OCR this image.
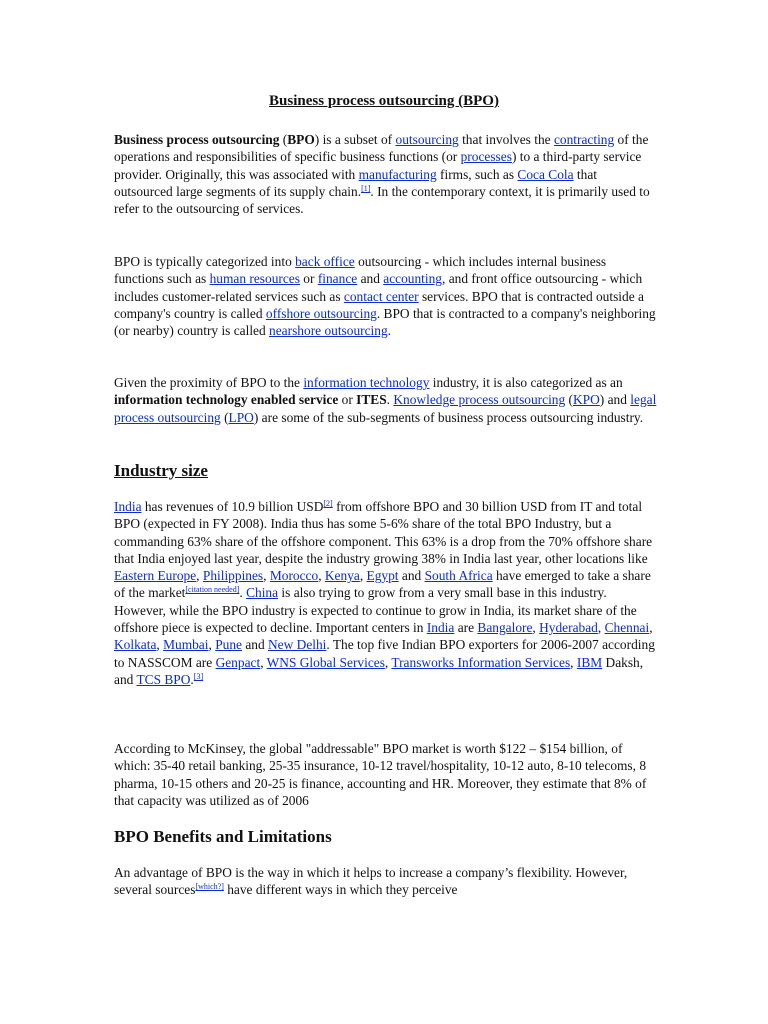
Business process outsourcing (BPO)
Business process outsourcing (BPO) is a subset of outsourcing that involves the contracting of the operations and responsibilities of specific business functions (or processes) to a third-party service provider. Originally, this was associated with manufacturing firms, such as Coca Cola that outsourced large segments of its supply chain.[1]. In the contemporary context, it is primarily used to refer to the outsourcing of services.
BPO is typically categorized into back office outsourcing - which includes internal business functions such as human resources or finance and accounting, and front office outsourcing - which includes customer-related services such as contact center services. BPO that is contracted outside a company's country is called offshore outsourcing. BPO that is contracted to a company's neighboring (or nearby) country is called nearshore outsourcing.
Given the proximity of BPO to the information technology industry, it is also categorized as an information technology enabled service or ITES. Knowledge process outsourcing (KPO) and legal process outsourcing (LPO) are some of the sub-segments of business process outsourcing industry.
Industry size
India has revenues of 10.9 billion USD[2] from offshore BPO and 30 billion USD from IT and total BPO (expected in FY 2008). India thus has some 5-6% share of the total BPO Industry, but a commanding 63% share of the offshore component. This 63% is a drop from the 70% offshore share that India enjoyed last year, despite the industry growing 38% in India last year, other locations like Eastern Europe, Philippines, Morocco, Kenya, Egypt and South Africa have emerged to take a share of the market[citation needed]. China is also trying to grow from a very small base in this industry. However, while the BPO industry is expected to continue to grow in India, its market share of the offshore piece is expected to decline. Important centers in India are Bangalore, Hyderabad, Chennai, Kolkata, Mumbai, Pune and New Delhi. The top five Indian BPO exporters for 2006-2007 according to NASSCOM are Genpact, WNS Global Services, Transworks Information Services, IBM Daksh, and TCS BPO.[3]
According to McKinsey, the global "addressable" BPO market is worth $122 – $154 billion, of which: 35-40 retail banking, 25-35 insurance, 10-12 travel/hospitality, 10-12 auto, 8-10 telecoms, 8 pharma, 10-15 others and 20-25 is finance, accounting and HR. Moreover, they estimate that 8% of that capacity was utilized as of 2006
BPO Benefits and Limitations
An advantage of BPO is the way in which it helps to increase a company’s flexibility. However, several sources[which?] have different ways in which they perceive
